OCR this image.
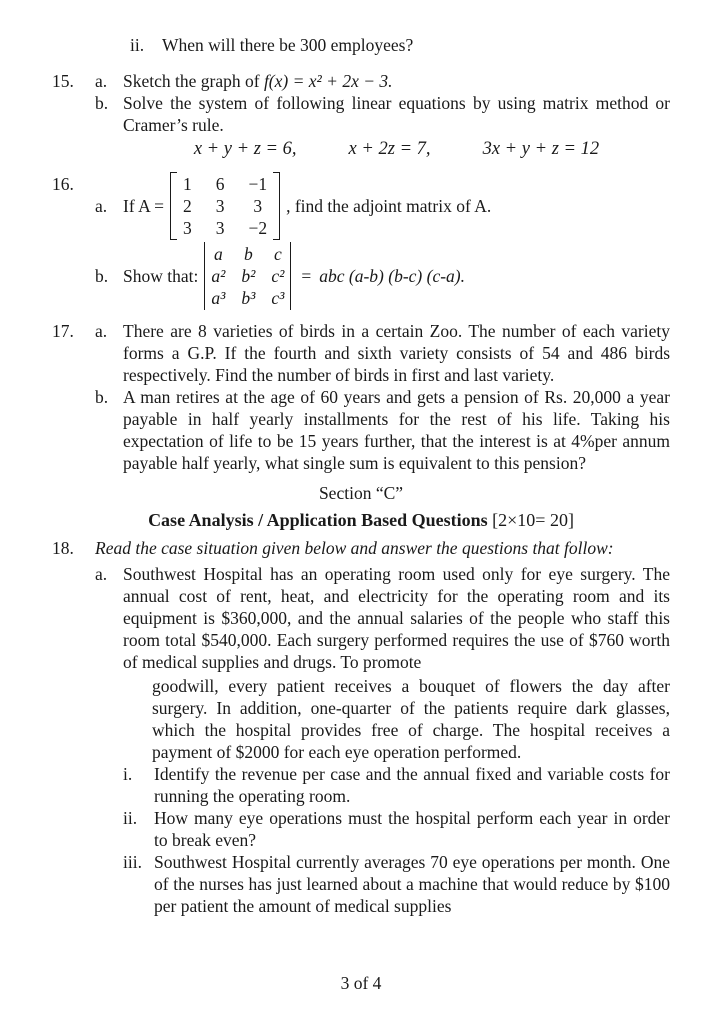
ii.	When will there be 300 employees?
15.	a. Sketch the graph of f(x) = x² + 2x − 3.
b. Solve the system of following linear equations by using matrix method or Cramer’s rule.
x + y + z = 6,	x + 2z = 7,	3x + y + z = 12
16.
a. If A =
1 6 −1
2 3 3
3 3 −2
, find the adjoint matrix of A.
b. Show that:
a b c
a² b² c²
a³ b³ c³
= abc (a-b) (b-c) (c-a).
17.	a. There are 8 varieties of birds in a certain Zoo. The number of each variety forms a G.P. If the fourth and sixth variety consists of 54 and 486 birds respectively. Find the number of birds in first and last variety.
b. A man retires at the age of 60 years and gets a pension of Rs. 20,000 a year payable in half yearly installments for the rest of his life. Taking his expectation of life to be 15 years further, that the interest is at 4%per annum payable half yearly, what single sum is equivalent to this pension?
Section “C”
Case Analysis / Application Based Questions [2×10= 20]
18.	Read the case situation given below and answer the questions that follow:
a. Southwest Hospital has an operating room used only for eye surgery. The annual cost of rent, heat, and electricity for the operating room and its equipment is $360,000, and the annual salaries of the people who staff this room total $540,000. Each surgery performed requires the use of $760 worth of medical supplies and drugs. To promote
goodwill, every patient receives a bouquet of flowers the day after surgery. In addition, one-quarter of the patients require dark glasses, which the hospital provides free of charge. The hospital receives a payment of $2000 for each eye operation performed.
i.	Identify the revenue per case and the annual fixed and variable costs for running the operating room.
ii. How many eye operations must the hospital perform each year in order to break even?
iii. Southwest Hospital currently averages 70 eye operations per month. One of the nurses has just learned about a machine that would reduce by $100 per patient the amount of medical supplies
3 of 4
